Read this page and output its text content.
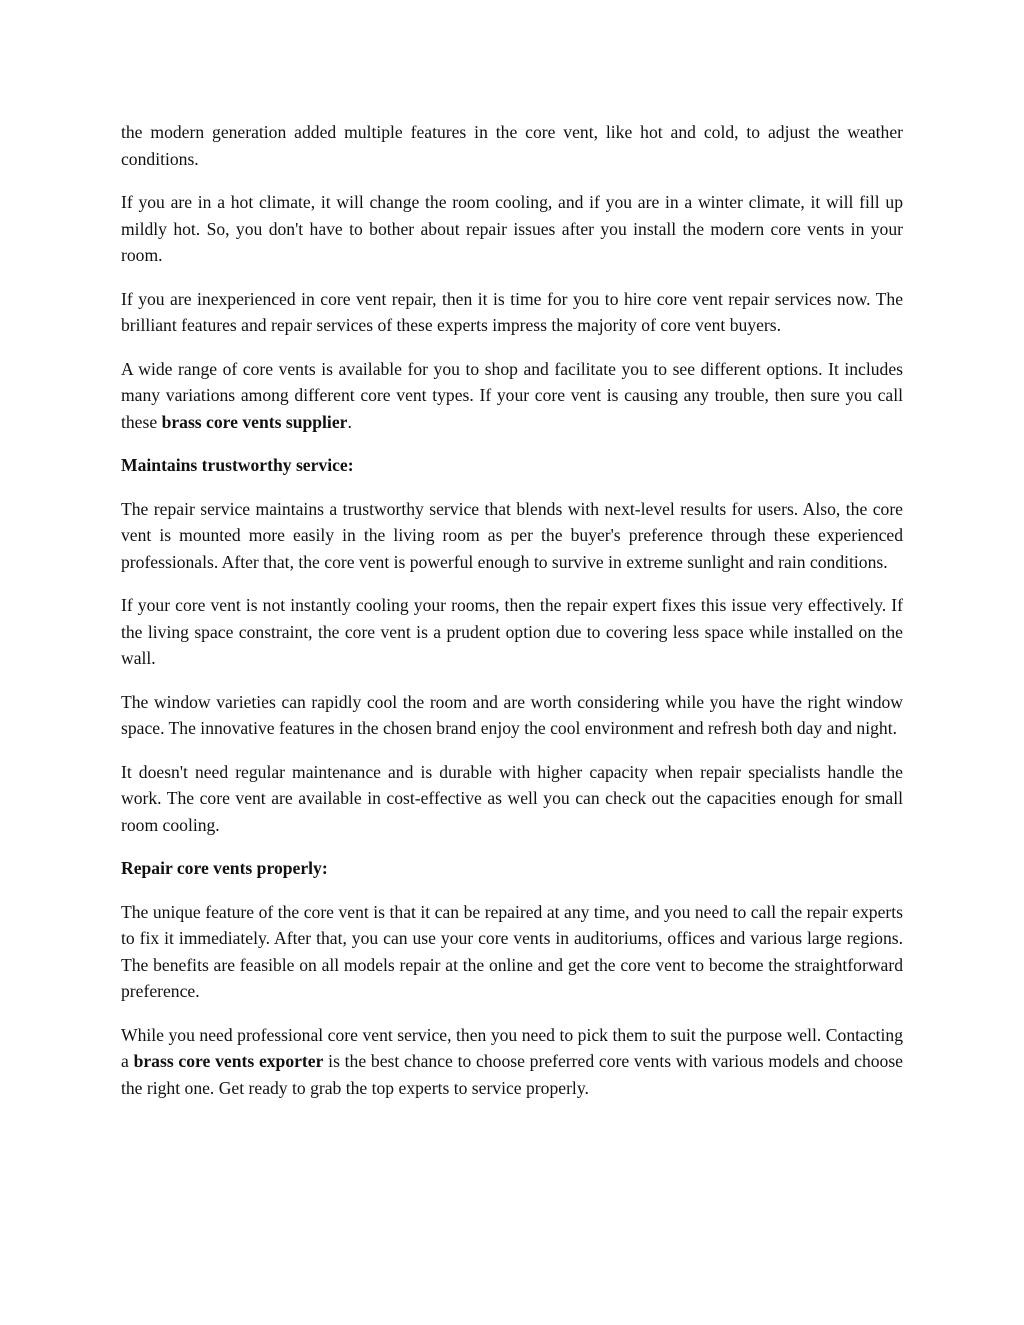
the modern generation added multiple features in the core vent, like hot and cold, to adjust the weather conditions.

If you are in a hot climate, it will change the room cooling, and if you are in a winter climate, it will fill up mildly hot. So, you don't have to bother about repair issues after you install the modern core vents in your room.

If you are inexperienced in core vent repair, then it is time for you to hire core vent repair services now. The brilliant features and repair services of these experts impress the majority of core vent buyers.

A wide range of core vents is available for you to shop and facilitate you to see different options. It includes many variations among different core vent types. If your core vent is causing any trouble, then sure you call these brass core vents supplier.

Maintains trustworthy service:

The repair service maintains a trustworthy service that blends with next-level results for users. Also, the core vent is mounted more easily in the living room as per the buyer's preference through these experienced professionals. After that, the core vent is powerful enough to survive in extreme sunlight and rain conditions.

If your core vent is not instantly cooling your rooms, then the repair expert fixes this issue very effectively. If the living space constraint, the core vent is a prudent option due to covering less space while installed on the wall.

The window varieties can rapidly cool the room and are worth considering while you have the right window space. The innovative features in the chosen brand enjoy the cool environment and refresh both day and night.

It doesn't need regular maintenance and is durable with higher capacity when repair specialists handle the work. The core vent are available in cost-effective as well you can check out the capacities enough for small room cooling.

Repair core vents properly:

The unique feature of the core vent is that it can be repaired at any time, and you need to call the repair experts to fix it immediately. After that, you can use your core vents in auditoriums, offices and various large regions. The benefits are feasible on all models repair at the online and get the core vent to become the straightforward preference.

While you need professional core vent service, then you need to pick them to suit the purpose well. Contacting a brass core vents exporter is the best chance to choose preferred core vents with various models and choose the right one. Get ready to grab the top experts to service properly.
